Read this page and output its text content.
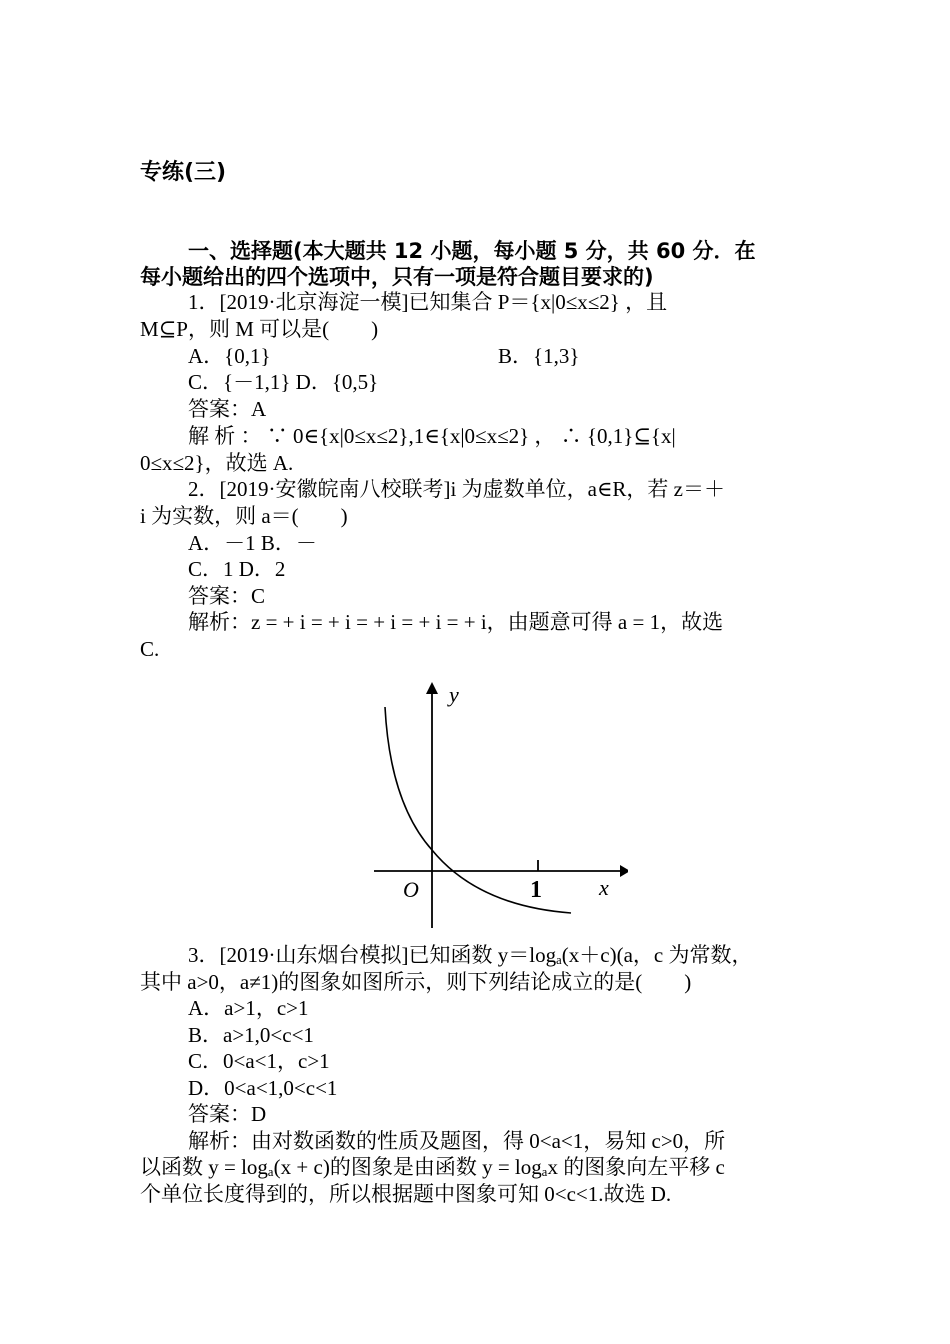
专练(三)
一、选择题(本大题共 12 小题，每小题 5 分，共 60 分．在
每小题给出的四个选项中，只有一项是符合题目要求的)
1．[2019·北京海淀一模]已知集合 P＝{x|0≤x≤2} ，且
M⊆P，则 M 可以是(　　)
A．{0,1}	B．{1,3}
C．{－1,1} D．{0,5}
答案：A
解 析 ： ∵ 0∈{x|0≤x≤2},1∈{x|0≤x≤2} ， ∴ {0,1}⊆{x|
0≤x≤2}，故选 A.
2．[2019·安徽皖南八校联考]i 为虚数单位，a∈R，若 z＝＋
i 为实数，则 a＝(　　)
A．－1 B．－
C．1 D．2
答案：C
解析：z = + i = + i = + i = + i = + i，由题意可得 a = 1，故选
C.
y
x
O	1
3．[2019·山东烟台模拟]已知函数 y＝logₐ(x＋c)(a，c 为常数，
其中 a>0，a≠1)的图象如图所示，则下列结论成立的是(　　)
A．a>1，c>1
B．a>1,0<c<1
C．0<a<1，c>1
D．0<a<1,0<c<1
答案：D
解析：由对数函数的性质及题图，得 0<a<1，易知 c>0，所
以函数 y = logₐ(x + c)的图象是由函数 y = logₐx 的图象向左平移 c
个单位长度得到的，所以根据题中图象可知 0<c<1.故选 D.
